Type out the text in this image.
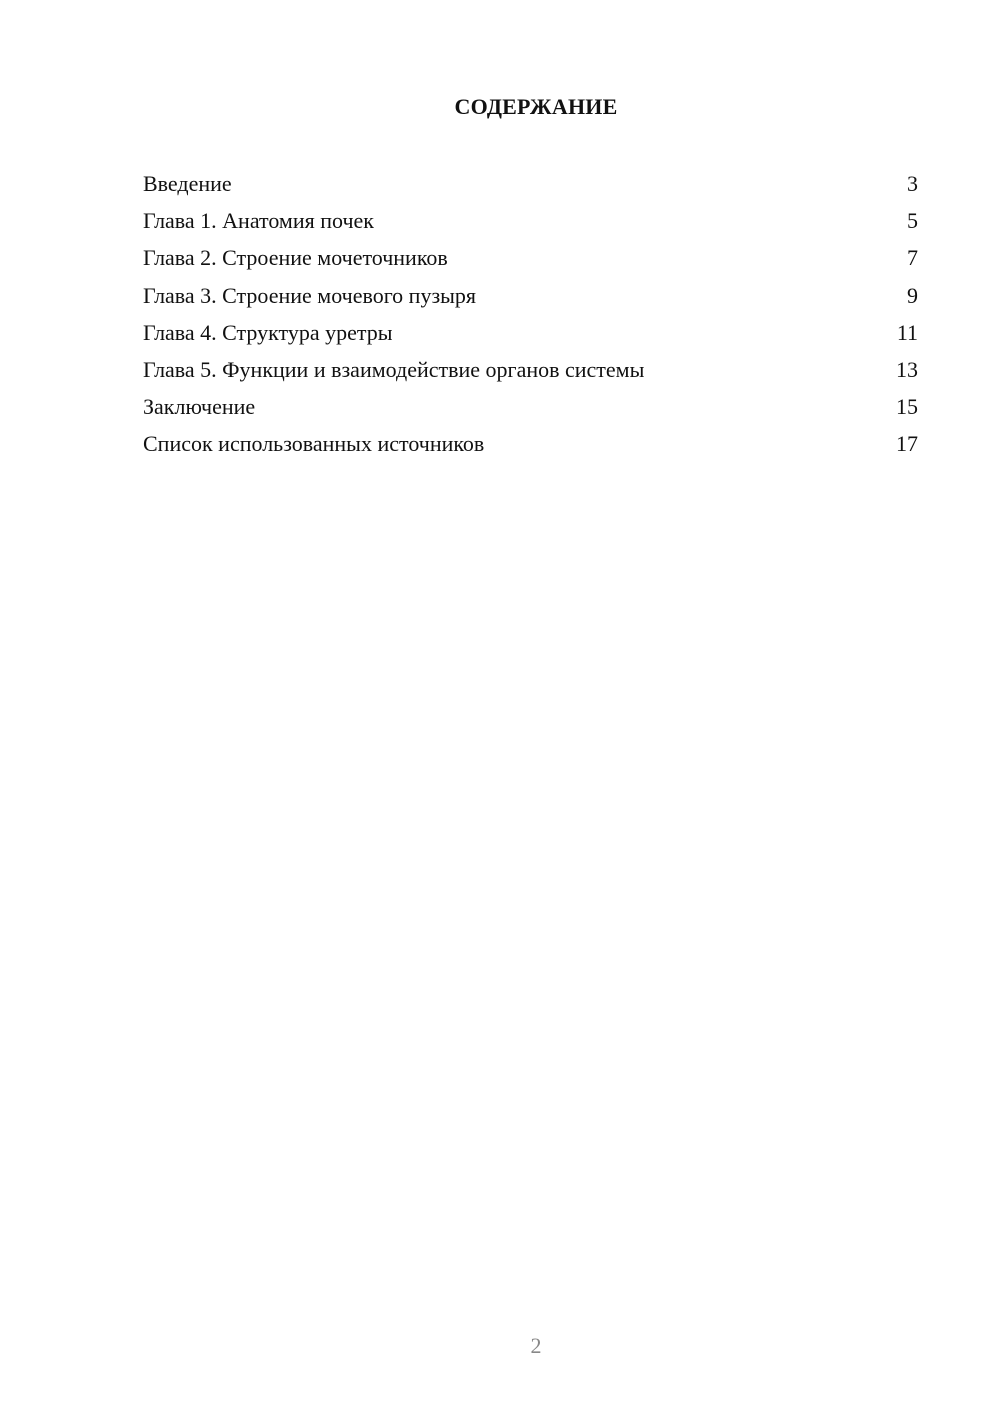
СОДЕРЖАНИЕ
Введение	3
Глава 1. Анатомия почек	5
Глава 2. Строение мочеточников	7
Глава 3. Строение мочевого пузыря	9
Глава 4. Структура уретры	11
Глава 5. Функции и взаимодействие органов системы	13
Заключение	15
Список использованных источников	17
2
